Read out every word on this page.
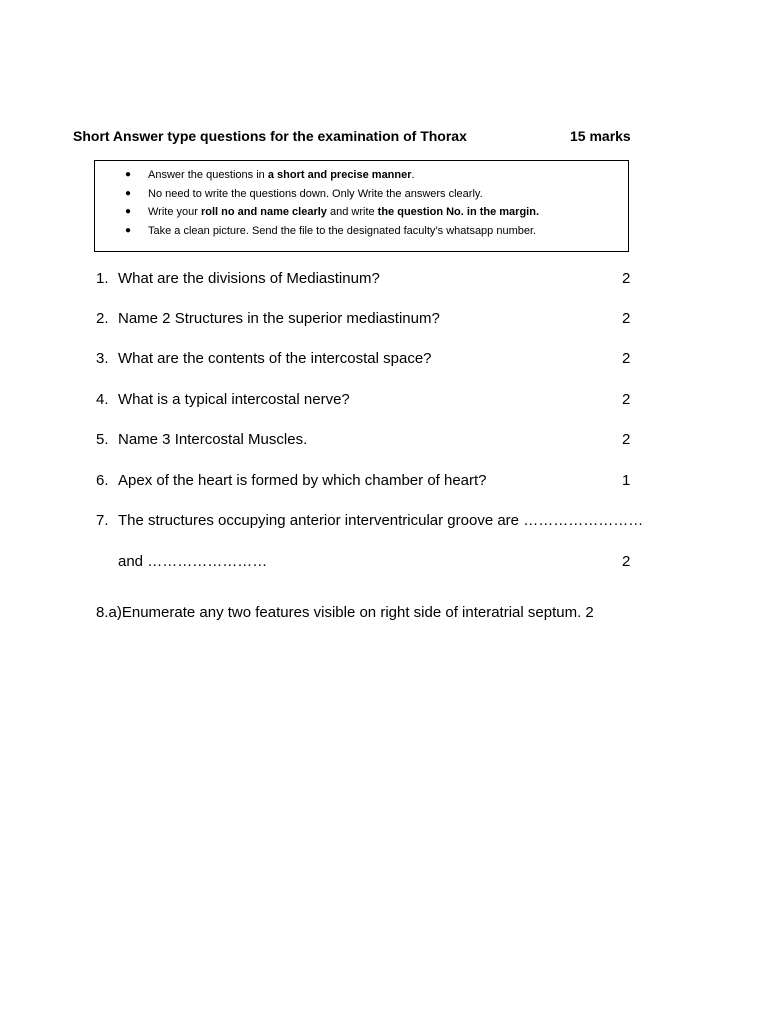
Short Answer type questions for the examination of Thorax	15 marks
● Answer the questions in a short and precise manner.
● No need to write the questions down. Only Write the answers clearly.
● Write your roll no and name clearly and write the question No. in the margin.
● Take a clean picture. Send the file to the designated faculty’s whatsapp number.
1. What are the divisions of Mediastinum?	2
2. Name 2 Structures in the superior mediastinum?	2
3. What are the contents of the intercostal space?	2
4. What is a typical intercostal nerve?	2
5. Name 3 Intercostal Muscles.	2
6. Apex of the heart is formed by which chamber of heart?	1
7. The structures occupying anterior interventricular groove are ……………………
and ……………………	2
8.a)Enumerate any two features visible on right side of interatrial septum. 2
